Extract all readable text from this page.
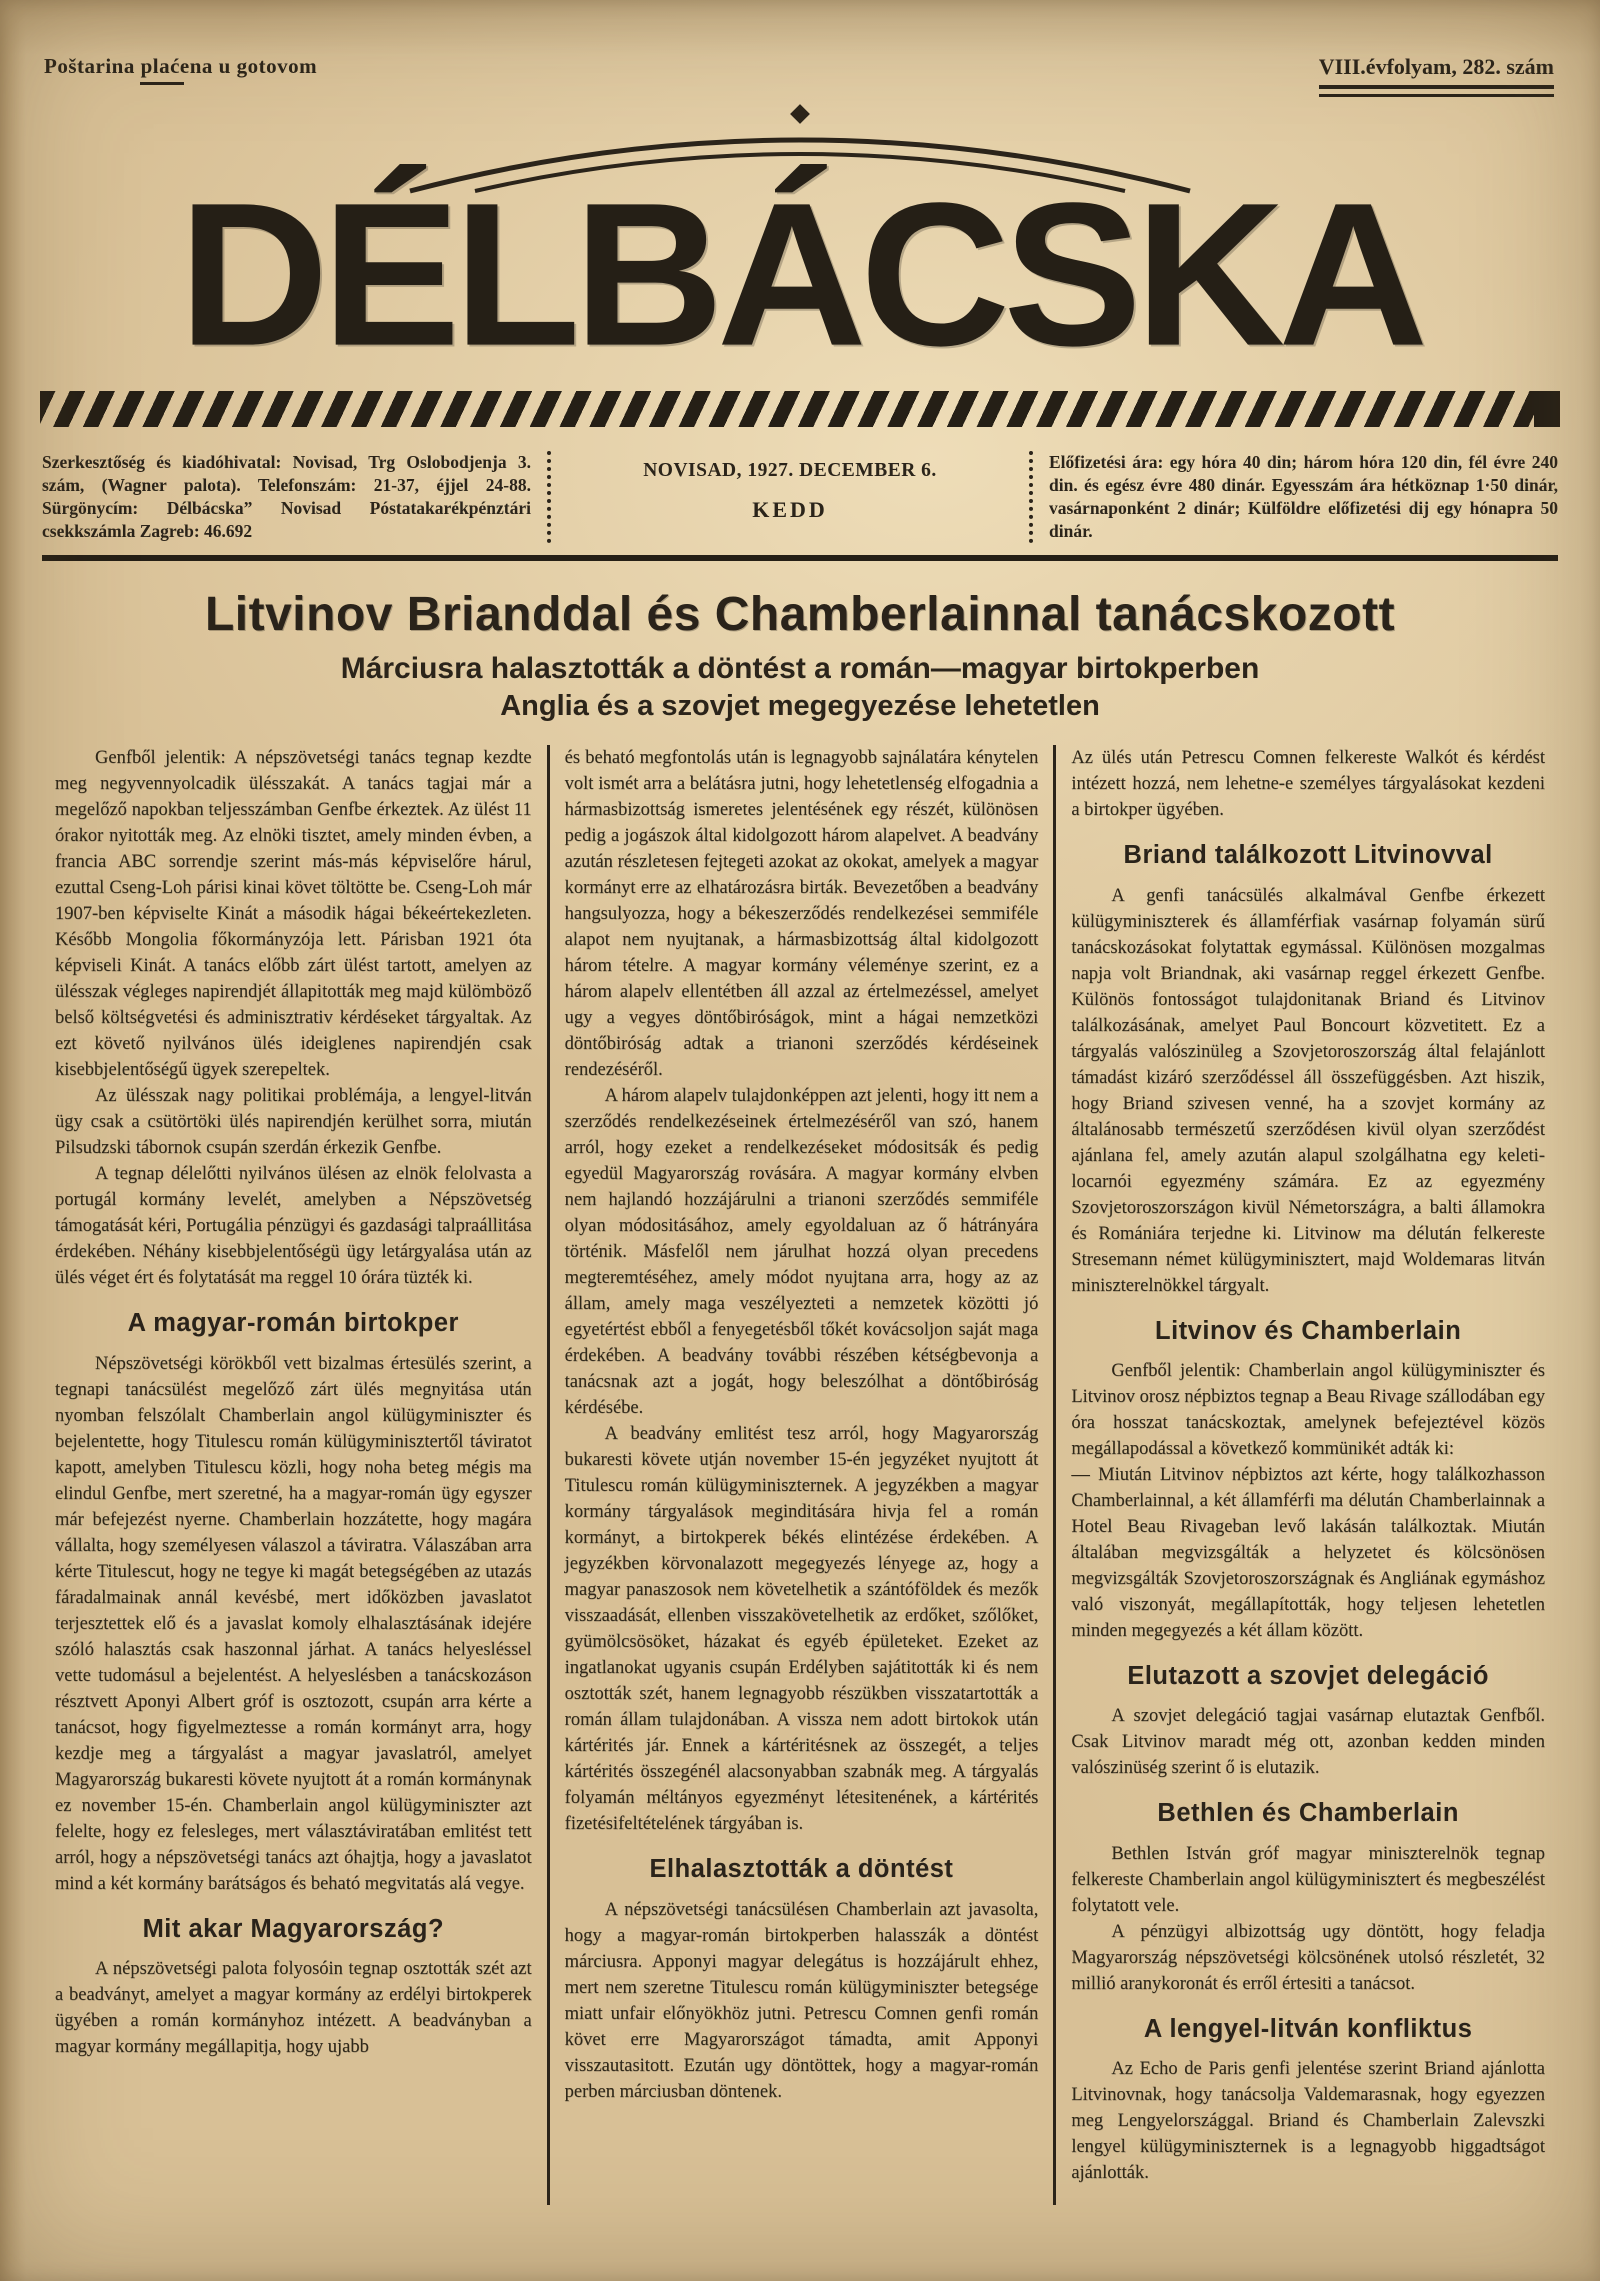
Poštarina plaćena u gotovom	VIII.évfolyam, 282. szám
DÉLBÁCSKA
Szerkesztőség és kiadóhivatal: Novisad, Trg Oslobodjenja 3. szám, (Wagner palota). Telefonszám: 21-37, éjjel 24-88. Sürgönycím: Délbácska” Novisad Póstatakarékpénztári csekkszámla Zagreb: 46.692
NOVISAD, 1927. DECEMBER 6.
KEDD
Előfizetési ára: egy hóra 40 din; három hóra 120 din, fél évre 240 din. és egész évre 480 dinár. Egyesszám ára hétköznap 1·50 dinár, vasárnaponként 2 dinár; Külföldre előfizetési dij egy hónapra 50 dinár.
Litvinov Brianddal és Chamberlainnal tanácskozott
Márciusra halasztották a döntést a román—magyar birtokperben
Anglia és a szovjet megegyezése lehetetlen

Genfből jelentik: A népszövetségi tanács tegnap kezdte meg negyvennyolcadik ülésszakát. A tanács tagjai már a megelőző napokban teljesszámban Genfbe érkeztek. Az ülést 11 órakor nyitották meg. Az elnöki tisztet, amely minden évben, a francia ABC sorrendje szerint más-más képviselőre hárul, ezuttal Cseng-Loh párisi kinai követ töltötte be. Cseng-Loh már 1907-ben képviselte Kinát a második hágai békeértekezleten. Később Mongolia főkormányzója lett. Párisban 1921 óta képviseli Kinát. A tanács előbb zárt ülést tartott, amelyen az ülésszak végleges napirendjét állapitották meg majd külömböző belső költségvetési és adminisztrativ kérdéseket tárgyaltak. Az ezt követő nyilvános ülés ideiglenes napirendjén csak kisebbjelentőségű ügyek szerepeltek.

Az ülésszak nagy politikai problémája, a lengyel-litván ügy csak a csütörtöki ülés napirendjén kerülhet sorra, miután Pilsudzski tábornok csupán szerdán érkezik Genfbe.

A tegnap délelőtti nyilvános ülésen az elnök felolvasta a portugál kormány levelét, amelyben a Népszövetség támogatását kéri, Portugália pénzügyi és gazdasági talpraállitása érdekében. Néhány kisebbjelentőségü ügy letárgyalása után az ülés véget ért és folytatását ma reggel 10 órára tüzték ki.

A magyar-román birtokper

Népszövetségi körökből vett bizalmas értesülés szerint, a tegnapi tanácsülést megelőző zárt ülés megnyitása után nyomban felszólalt Chamberlain angol külügyminiszter és bejelentette, hogy Titulescu román külügyminisztertől táviratot kapott, amelyben Titulescu közli, hogy noha beteg mégis ma elindul Genfbe, mert szeretné, ha a magyar-román ügy egyszer már befejezést nyerne. Chamberlain hozzátette, hogy magára vállalta, hogy személyesen válaszol a táviratra. Válaszában arra kérte Titulescut, hogy ne tegye ki magát betegségében az utazás fáradalmainak annál kevésbé, mert időközben javaslatot terjesztettek elő és a javaslat komoly elhalasztásának idejére szóló halasztás csak haszonnal járhat. A tanács helyesléssel vette tudomásul a bejelentést. A helyeslésben a tanácskozáson résztvett Aponyi Albert gróf is osztozott, csupán arra kérte a tanácsot, hogy figyelmeztesse a román kormányt arra, hogy kezdje meg a tárgyalást a magyar javaslatról, amelyet Magyarország bukaresti követe nyujtott át a román kormánynak ez november 15-én. Chamberlain angol külügyminiszter azt felelte, hogy ez felesleges, mert választáviratában emlitést tett arról, hogy a népszövetségi tanács azt óhajtja, hogy a javaslatot mind a két kormány barátságos és beható megvitatás alá vegye.

Mit akar Magyarország?

A népszövetségi palota folyosóin tegnap osztották szét azt a beadványt, amelyet a magyar kormány az erdélyi birtokperek ügyében a román kormányhoz intézett. A beadványban a magyar kormány megállapitja, hogy ujabb

és beható megfontolás után is legnagyobb sajnálatára kénytelen volt ismét arra a belátásra jutni, hogy lehetetlenség elfogadnia a hármasbizottság ismeretes jelentésének egy részét, különösen pedig a jogászok által kidolgozott három alapelvet. A beadvány azután részletesen fejtegeti azokat az okokat, amelyek a magyar kormányt erre az elhatározásra birták. Bevezetőben a beadvány hangsulyozza, hogy a békeszerződés rendelkezései semmiféle alapot nem nyujtanak, a hármasbizottság által kidolgozott három tételre. A magyar kormány véleménye szerint, ez a három alapelv ellentétben áll azzal az értelmezéssel, amelyet ugy a vegyes döntőbiróságok, mint a hágai nemzetközi döntőbiróság adtak a trianoni szerződés kérdéseinek rendezéséről.

A három alapelv tulajdonképpen azt jelenti, hogy itt nem a szerződés rendelkezéseinek értelmezéséről van szó, hanem arról, hogy ezeket a rendelkezéseket módositsák és pedig egyedül Magyarország rovására. A magyar kormány elvben nem hajlandó hozzájárulni a trianoni szerződés semmiféle olyan módositásához, amely egyoldaluan az ő hátrányára történik. Másfelől nem járulhat hozzá olyan precedens megteremtéséhez, amely módot nyujtana arra, hogy az az állam, amely maga veszélyezteti a nemzetek közötti jó egyetértést ebből a fenyegetésből tőkét kovácsoljon saját maga érdekében. A beadvány további részében kétségbevonja a tanácsnak azt a jogát, hogy beleszólhat a döntőbiróság kérdésébe.

A beadvány emlitést tesz arról, hogy Magyarország bukaresti követe utján november 15-én jegyzéket nyujtott át Titulescu román külügyminiszternek. A jegyzékben a magyar kormány tárgyalások meginditására hivja fel a román kormányt, a birtokperek békés elintézése érdekében. A jegyzékben körvonalazott megegyezés lényege az, hogy a magyar panaszosok nem követelhetik a szántóföldek és mezők visszaadását, ellenben visszakövetelhetik az erdőket, szőlőket, gyümölcsösöket, házakat és egyéb épületeket. Ezeket az ingatlanokat ugyanis csupán Erdélyben sajátitották ki és nem osztották szét, hanem legnagyobb részükben visszatartották a román állam tulajdonában. A vissza nem adott birtokok után kártérités jár. Ennek a kártéritésnek az összegét, a teljes kártérités összegénél alacsonyabban szabnák meg. A tárgyalás folyamán méltányos egyezményt létesitenének, a kártérités fizetésifeltételének tárgyában is.

Elhalasztották a döntést

A népszövetségi tanácsülésen Chamberlain azt javasolta, hogy a magyar-román birtokperben halasszák a döntést márciusra. Apponyi magyar delegátus is hozzájárult ehhez, mert nem szeretne Titulescu román külügyminiszter betegsége miatt unfair előnyökhöz jutni. Petrescu Comnen genfi román követ erre Magyarországot támadta, amit Apponyi visszautasitott. Ezután ugy döntöttek, hogy a magyar-román perben márciusban döntenek.

Az ülés után Petrescu Comnen felkereste Walkót és kérdést intézett hozzá, nem lehetne-e személyes tárgyalásokat kezdeni a birtokper ügyében.

Briand találkozott Litvinovval

A genfi tanácsülés alkalmával Genfbe érkezett külügyminiszterek és államférfiak vasárnap folyamán sürű tanácskozásokat folytattak egymással. Különösen mozgalmas napja volt Briandnak, aki vasárnap reggel érkezett Genfbe. Különös fontosságot tulajdonitanak Briand és Litvinov találkozásának, amelyet Paul Boncourt közvetitett. Ez a tárgyalás valószinüleg a Szovjetoroszország által felajánlott támadást kizáró szerződéssel áll összefüggésben. Azt hiszik, hogy Briand szivesen venné, ha a szovjet kormány az általánosabb természetű szerződésen kivül olyan szerződést ajánlana fel, amely azután alapul szolgálhatna egy keleti-locarnói egyezmény számára. Ez az egyezmény Szovjetoroszországon kivül Németországra, a balti államokra és Romániára terjedne ki. Litvinow ma délután felkereste Stresemann német külügyminisztert, majd Woldemaras litván miniszterelnökkel tárgyalt.

Litvinov és Chamberlain

Genfből jelentik: Chamberlain angol külügyminiszter és Litvinov orosz népbiztos tegnap a Beau Rivage szállodában egy óra hosszat tanácskoztak, amelynek befejeztével közös megállapodással a következő kommünikét adták ki:

— Miután Litvinov népbiztos azt kérte, hogy találkozhasson Chamberlainnal, a két államférfi ma délután Chamberlainnak a Hotel Beau Rivageban levő lakásán találkoztak. Miután általában megvizsgálták a helyzetet és kölcsönösen megvizsgálták Szovjetoroszországnak és Angliának egymáshoz való viszonyát, megállapították, hogy teljesen lehetetlen minden megegyezés a két állam között.

Elutazott a szovjet delegáció

A szovjet delegáció tagjai vasárnap elutaztak Genfből. Csak Litvinov maradt még ott, azonban kedden minden valószinüség szerint ő is elutazik.

Bethlen és Chamberlain

Bethlen István gróf magyar miniszterelnök tegnap felkereste Chamberlain angol külügyminisztert és megbeszélést folytatott vele.

A pénzügyi albizottság ugy döntött, hogy feladja Magyarország népszövetségi kölcsönének utolsó részletét, 32 millió aranykoronát és erről értesiti a tanácsot.

A lengyel-litván konfliktus

Az Echo de Paris genfi jelentése szerint Briand ajánlotta Litvinovnak, hogy tanácsolja Valdemarasnak, hogy egyezzen meg Lengyelországgal. Briand és Chamberlain Zalevszki lengyel külügyminiszternek is a legnagyobb higgadtságot ajánlották.
